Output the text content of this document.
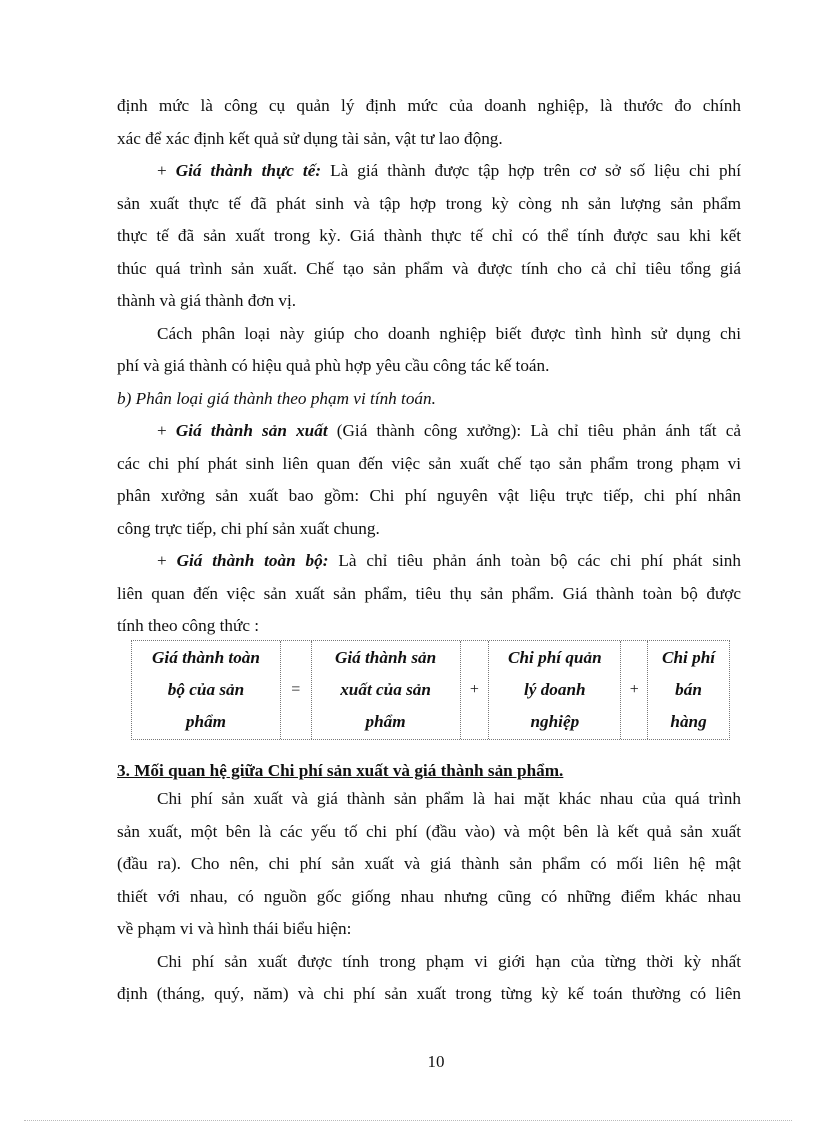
định mức là công cụ quản lý định mức của doanh nghiệp, là thước đo chính
xác để xác định kết quả sử dụng tài sản, vật tư lao động.
+ Giá thành thực tế: Là giá thành được tập hợp trên cơ sở số liệu chi phí
sản xuất thực tế đã phát sinh và tập hợp trong kỳ còng nh sản lượng sản phẩm
thực tế đã sản xuất trong kỳ. Giá thành thực tế chỉ có thể tính được sau khi kết
thúc quá trình sản xuất. Chế tạo sản phẩm và được tính cho cả chỉ tiêu tổng giá
thành và giá thành đơn vị.
Cách phân loại này giúp cho doanh nghiệp biết được tình hình sử dụng chi
phí và giá thành có hiệu quả phù hợp yêu cầu công tác kế toán.
b) Phân loại giá thành theo phạm vi tính toán.
+ Giá thành sản xuất (Giá thành công xưởng): Là chỉ tiêu phản ánh tất cả
các chi phí phát sinh liên quan đến việc sản xuất chế tạo sản phẩm trong phạm vi
phân xưởng sản xuất bao gồm: Chi phí nguyên vật liệu trực tiếp, chi phí nhân
công trực tiếp, chi phí sản xuất chung.
+ Giá thành toàn bộ: Là chỉ tiêu phản ánh toàn bộ các chi phí phát sinh
liên quan đến việc sản xuất sản phẩm, tiêu thụ sản phẩm. Giá thành toàn bộ được
tính theo công thức :
Giá thành toàn
bộ của sản
phẩm
=
Giá thành sản
xuất của sản
phẩm
+
Chi phí quản
lý doanh
nghiệp
+
Chi phí
bán
hàng
3. Mối quan hệ giữa Chi phí sản xuất và giá thành sản phẩm.
Chi phí sản xuất và giá thành sản phẩm là hai mặt khác nhau của quá trình
sản xuất, một bên là các yếu tố chi phí (đầu vào) và một bên là kết quả sản xuất
(đầu ra). Cho nên, chi phí sản xuất và giá thành sản phẩm có mối liên hệ mật
thiết với nhau, có nguồn gốc giống nhau nhưng cũng có những điểm khác nhau
về phạm vi và hình thái biểu hiện:
Chi phí sản xuất được tính trong phạm vi giới hạn của từng thời kỳ nhất
định (tháng, quý, năm) và chi phí sản xuất trong từng kỳ kế toán thường có liên
10
